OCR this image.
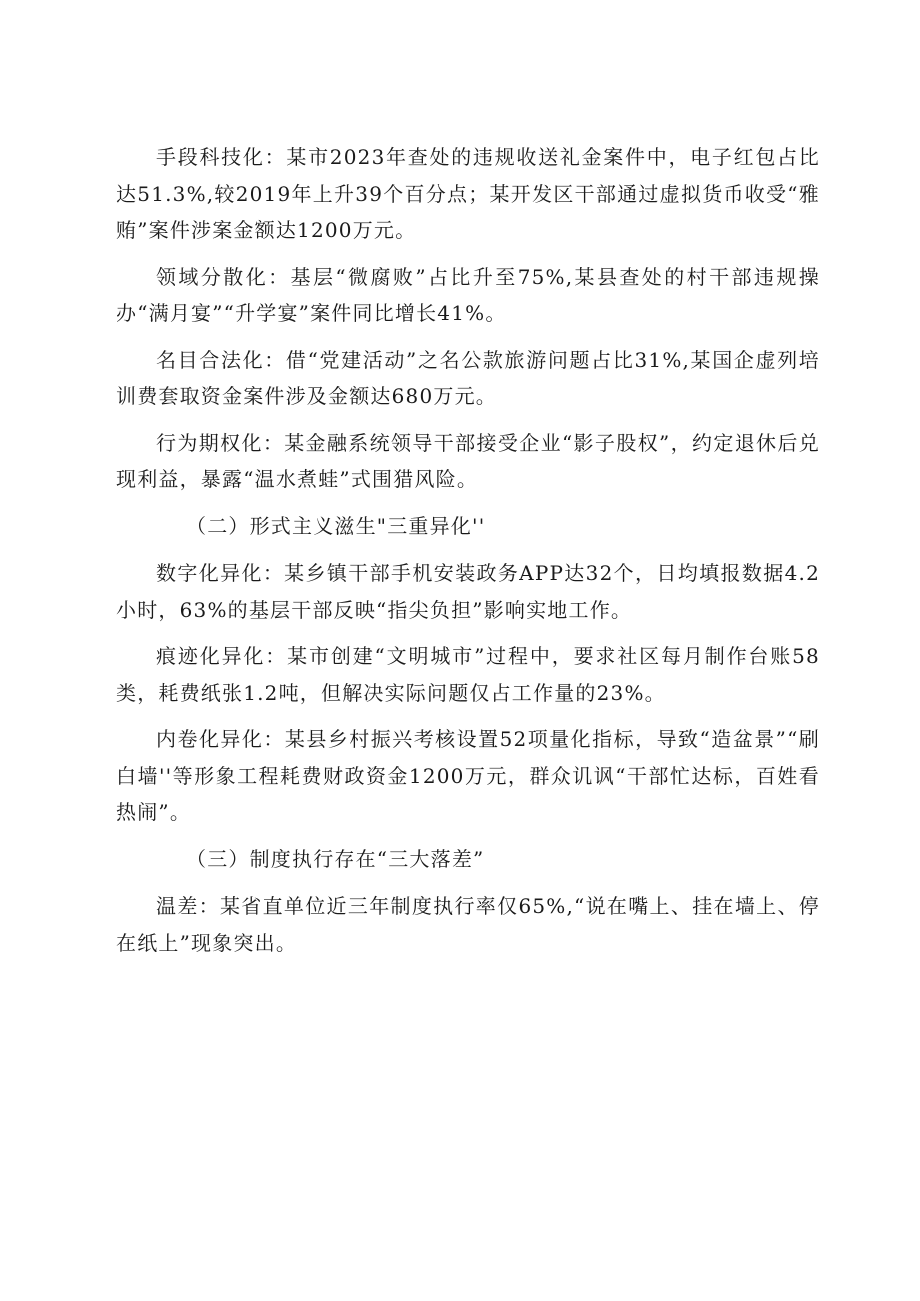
手段科技化：某市2023年查处的违规收送礼金案件中，电子红包占比达51.3%,较2019年上升39个百分点；某开发区干部通过虚拟货币收受“雅贿”案件涉案金额达1200万元。

领域分散化：基层“微腐败”占比升至75%,某县查处的村干部违规操办“满月宴”“升学宴”案件同比增长41%。

名目合法化：借“党建活动”之名公款旅游问题占比31%,某国企虚列培训费套取资金案件涉及金额达680万元。

行为期权化：某金融系统领导干部接受企业“影子股权”，约定退休后兑现利益，暴露“温水煮蛙”式围猎风险。

（二）形式主义滋生"三重异化''

数字化异化：某乡镇干部手机安装政务APP达32个，日均填报数据4.2小时，63%的基层干部反映“指尖负担”影响实地工作。

痕迹化异化：某市创建“文明城市”过程中，要求社区每月制作台账58类，耗费纸张1.2吨，但解决实际问题仅占工作量的23%。

内卷化异化：某县乡村振兴考核设置52项量化指标，导致“造盆景”“刷白墙''等形象工程耗费财政资金1200万元，群众讥讽“干部忙达标，百姓看热闹”。

（三）制度执行存在“三大落差”

温差：某省直单位近三年制度执行率仅65%,“说在嘴上、挂在墙上、停在纸上”现象突出。
